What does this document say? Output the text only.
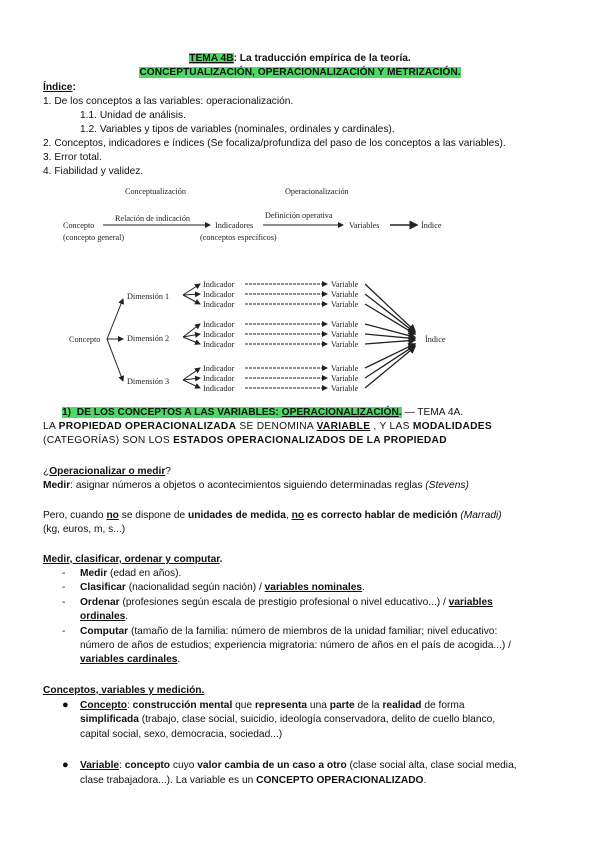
TEMA 4B: La traducción empírica de la teoría.
CONCEPTUALIZACIÓN, OPERACIONALIZACIÓN Y METRIZACIÓN.
Índice:
1. De los conceptos a las variables: operacionalización.
1.1. Unidad de análisis.
1.2. Variables y tipos de variables (nominales, ordinales y cardinales).
2. Conceptos, indicadores e índices (Se focaliza/profundiza del paso de los conceptos a las variables).
3. Error total.
4. Fiabilidad y validez.
Conceptualización	Operacionalización
Concepto
(concepto general)
Relación de indicación
Indicadores
(conceptos específicos)
Definición operativa
Variables	Índice
Concepto
Dimensión 1
Dimensión 2
Dimensión 3
Indicador	Variable
Indicador	Variable
Indicador	Variable
Indicador	Variable
Indicador	Variable
Indicador	Variable
Indicador	Variable
Indicador	Variable
Indicador	Variable
Índice
1) DE LOS CONCEPTOS A LAS VARIABLES: OPERACIONALIZACIÓN. — TEMA 4A.
LA PROPIEDAD OPERACIONALIZADA SE DENOMINA VARIABLE , Y LAS MODALIDADES
(CATEGORÍAS) SON LOS ESTADOS OPERACIONALIZADOS DE LA PROPIEDAD
¿Operacionalizar o medir?
Medir: asignar números a objetos o acontecimientos siguiendo determinadas reglas (Stevens)
Pero, cuando no se dispone de unidades de medida, no es correcto hablar de medición (Marradi)
(kg, euros, m, s...)
Medir, clasificar, ordenar y computar.
- Medir (edad en años).
- Clasificar (nacionalidad según nación) / variables nominales.
- Ordenar (profesiones según escala de prestigio profesional o nivel educativo...) / variables
ordinales.
- Computar (tamaño de la familia: número de miembros de la unidad familiar; nivel educativo:
número de años de estudios; experiencia migratoria: número de años en el país de acogida...) /
variables cardinales.
Conceptos, variables y medición.
● Concepto: construcción mental que representa una parte de la realidad de forma
simplificada (trabajo, clase social, suicidio, ideología conservadora, delito de cuello blanco,
capital social, sexo, democracia, sociedad...)
● Variable: concepto cuyo valor cambia de un caso a otro (clase social alta, clase social media,
clase trabajadora...). La variable es un CONCEPTO OPERACIONALIZADO.
